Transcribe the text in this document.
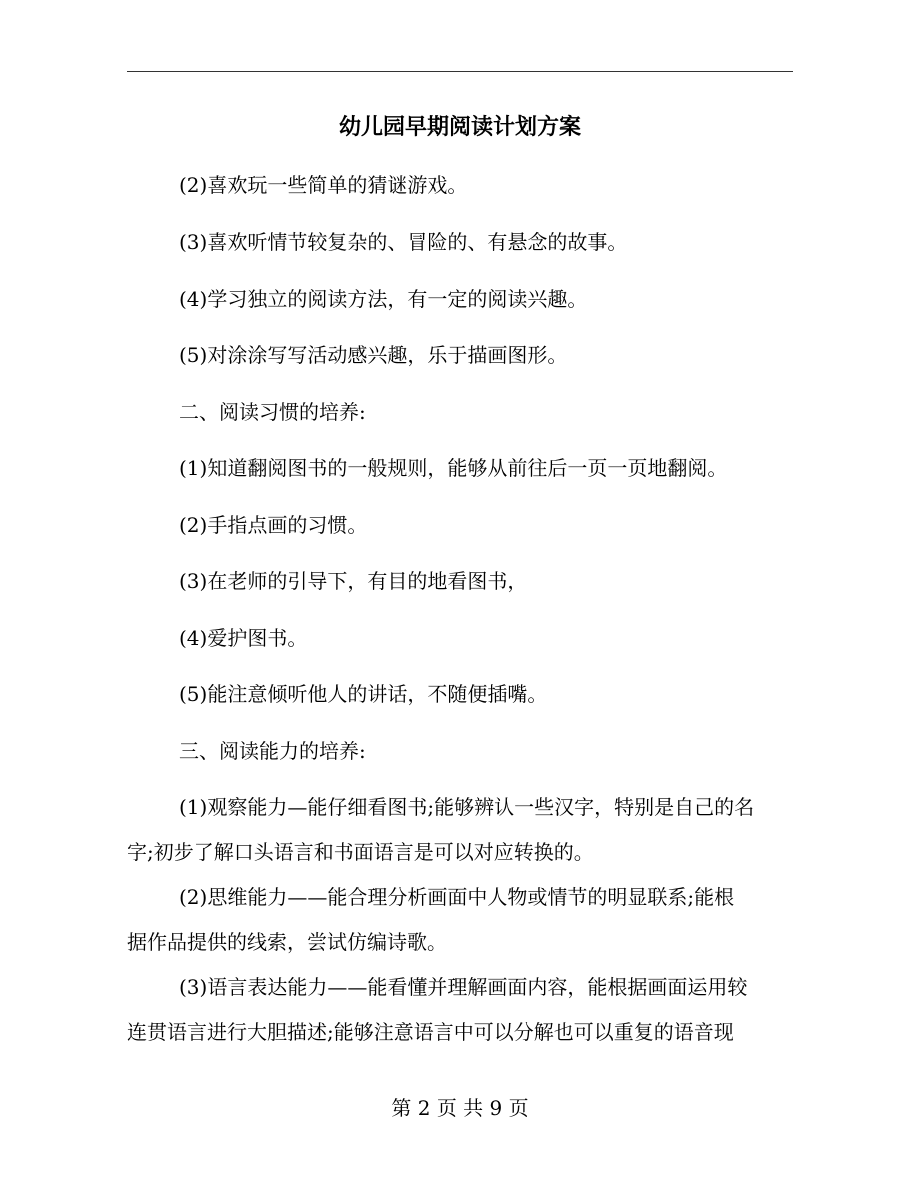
幼儿园早期阅读计划方案
(2)喜欢玩一些简单的猜谜游戏。
(3)喜欢听情节较复杂的、冒险的、有悬念的故事。
(4)学习独立的阅读方法，有一定的阅读兴趣。
(5)对涂涂写写活动感兴趣，乐于描画图形。
二、阅读习惯的培养:
(1)知道翻阅图书的一般规则，能够从前往后一页一页地翻阅。
(2)手指点画的习惯。
(3)在老师的引导下，有目的地看图书，
(4)爱护图书。
(5)能注意倾听他人的讲话，不随便插嘴。
三、阅读能力的培养:
(1)观察能力—能仔细看图书;能够辨认一些汉字，特别是自己的名
字;初步了解口头语言和书面语言是可以对应转换的。
(2)思维能力——能合理分析画面中人物或情节的明显联系;能根
据作品提供的线索，尝试仿编诗歌。
(3)语言表达能力——能看懂并理解画面内容，能根据画面运用较
连贯语言进行大胆描述;能够注意语言中可以分解也可以重复的语音现
第 2 页 共 9 页
